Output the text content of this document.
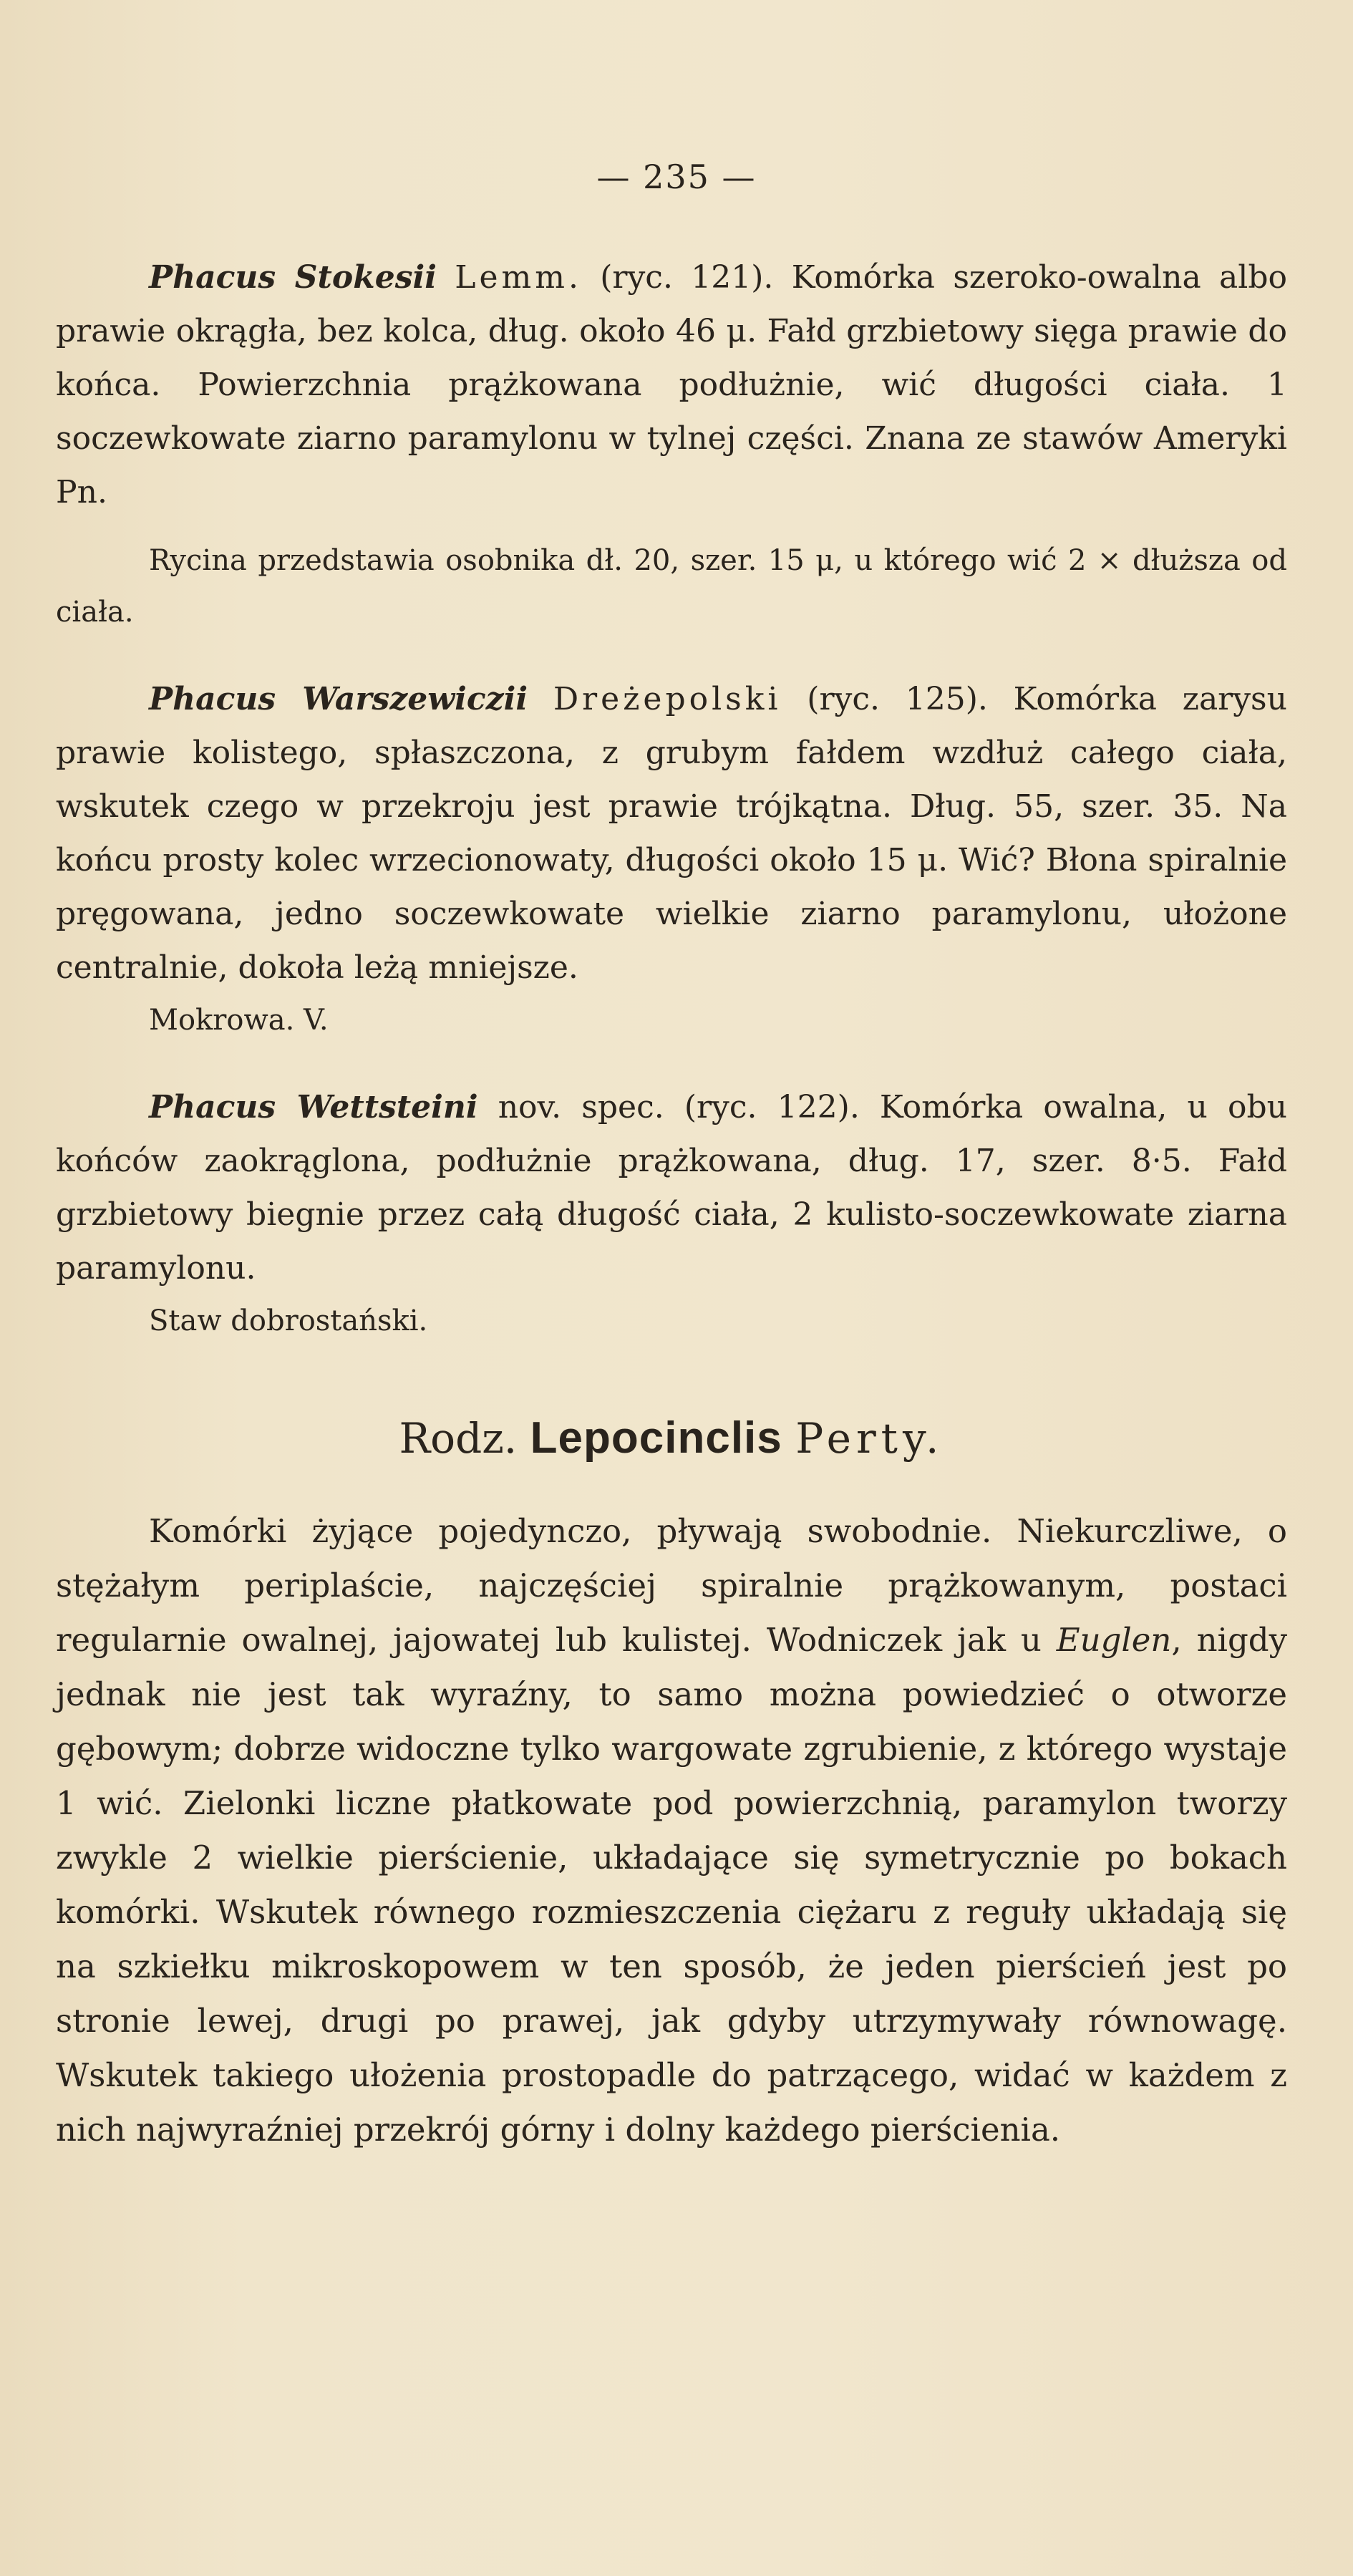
— 235 —

Phacus Stokesii Lemm. (ryc. 121). Komórka szeroko-owalna albo prawie okrągła, bez kolca, dług. około 46 μ. Fałd grzbietowy sięga prawie do końca. Powierzchnia prążkowana podłużnie, wić długości ciała. 1 soczewkowate ziarno paramylonu w tylnej części. Znana ze stawów Ameryki Pn.

Rycina przedstawia osobnika dł. 20, szer. 15 μ, u którego wić 2 × dłuższa od ciała.

Phacus Warszewiczii Dreżepolski (ryc. 125). Komórka zarysu prawie kolistego, spłaszczona, z grubym fałdem wzdłuż całego ciała, wskutek czego w przekroju jest prawie trójkątna. Dług. 55, szer. 35. Na końcu prosty kolec wrzecionowaty, długości około 15 μ. Wić? Błona spiralnie pręgowana, jedno soczewkowate wielkie ziarno paramylonu, ułożone centralnie, dokoła leżą mniejsze.

Mokrowa. V.

Phacus Wettsteini nov. spec. (ryc. 122). Komórka owalna, u obu końców zaokrąglona, podłużnie prążkowana, dług. 17, szer. 8·5. Fałd grzbietowy biegnie przez całą długość ciała, 2 kulisto-soczewkowate ziarna paramylonu.

Staw dobrostański.

Rodz. Lepocinclis Perty.

Komórki żyjące pojedynczo, pływają swobodnie. Niekurczliwe, o stężałym periplaście, najczęściej spiralnie prążkowanym, postaci regularnie owalnej, jajowatej lub kulistej. Wodniczek jak u Euglen, nigdy jednak nie jest tak wyraźny, to samo można powiedzieć o otworze gębowym; dobrze widoczne tylko wargowate zgrubienie, z którego wystaje 1 wić. Zielonki liczne płatkowate pod powierzchnią, paramylon tworzy zwykle 2 wielkie pierścienie, układające się symetrycznie po bokach komórki. Wskutek równego rozmieszczenia ciężaru z reguły układają się na szkiełku mikroskopowem w ten sposób, że jeden pierścień jest po stronie lewej, drugi po prawej, jak gdyby utrzymywały równowagę. Wskutek takiego ułożenia prostopadle do patrzącego, widać w każdem z nich najwyraźniej przekrój górny i dolny każdego pierścienia.
